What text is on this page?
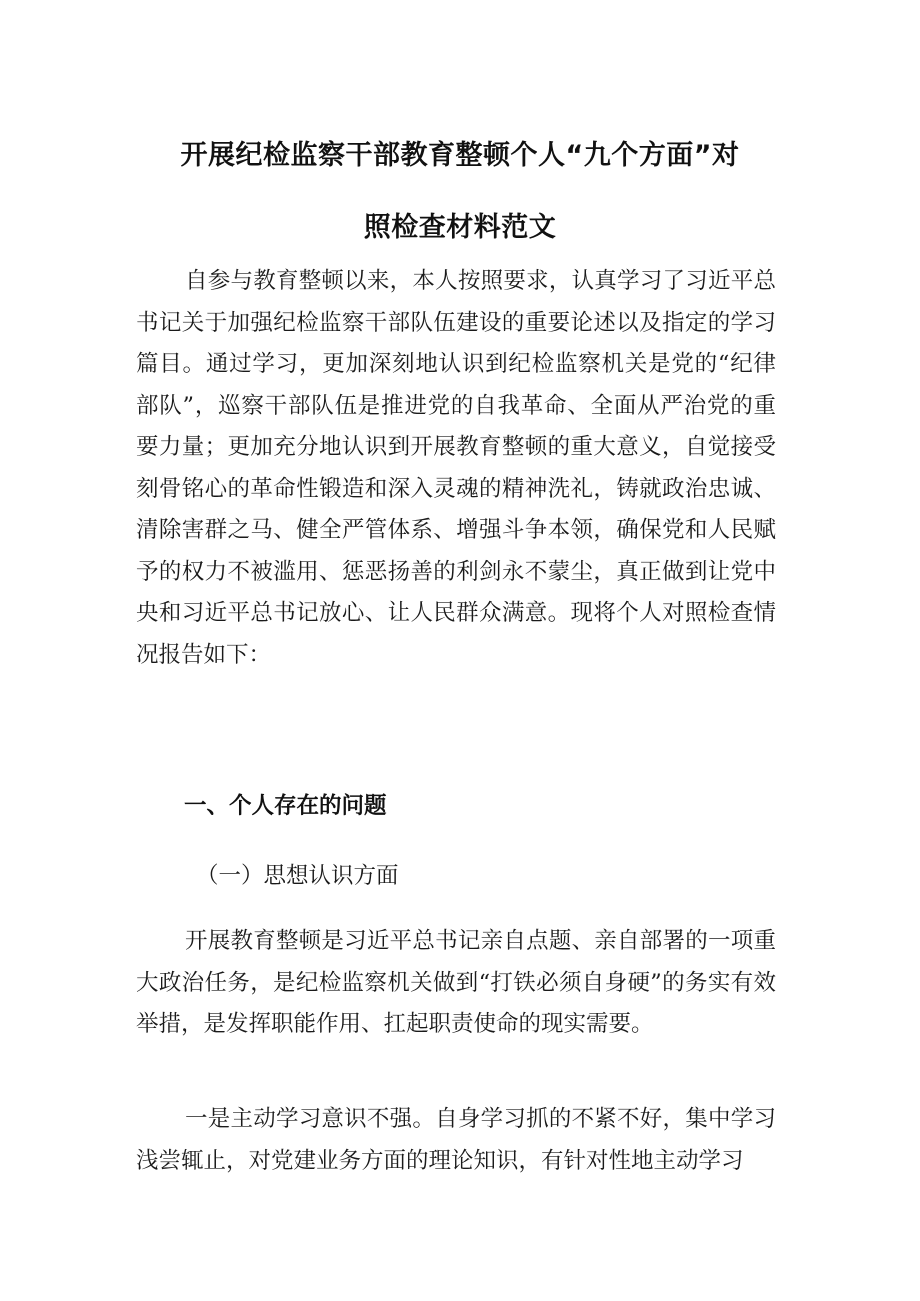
开展纪检监察干部教育整顿个人“九个方面”对
照检查材料范文

自参与教育整顿以来，本人按照要求，认真学习了习近平总书记关于加强纪检监察干部队伍建设的重要论述以及指定的学习篇目。通过学习，更加深刻地认识到纪检监察机关是党的“纪律部队”，巡察干部队伍是推进党的自我革命、全面从严治党的重要力量；更加充分地认识到开展教育整顿的重大意义，自觉接受刻骨铭心的革命性锻造和深入灵魂的精神洗礼，铸就政治忠诚、清除害群之马、健全严管体系、增强斗争本领，确保党和人民赋予的权力不被滥用、惩恶扬善的利剑永不蒙尘，真正做到让党中央和习近平总书记放心、让人民群众满意。现将个人对照检查情况报告如下：

一、个人存在的问题
（一）思想认识方面

开展教育整顿是习近平总书记亲自点题、亲自部署的一项重大政治任务，是纪检监察机关做到“打铁必须自身硬”的务实有效举措，是发挥职能作用、扛起职责使命的现实需要。

一是主动学习意识不强。自身学习抓的不紧不好，集中学习浅尝辄止，对党建业务方面的理论知识，有针对性地主动学习
